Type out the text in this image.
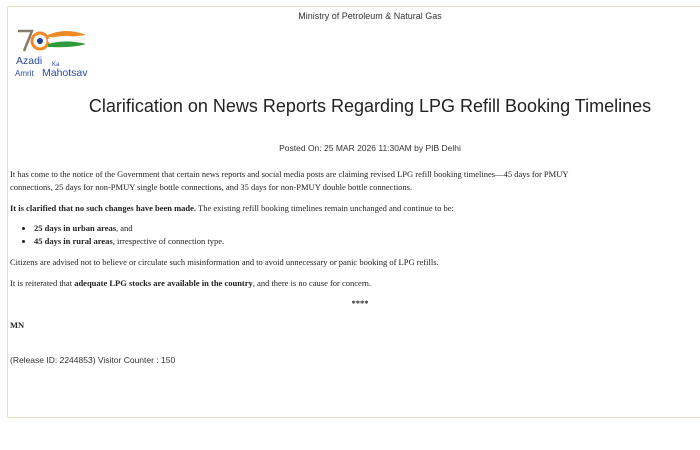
Ministry of Petroleum & Natural Gas
Azadi Ka
Amrit Mahotsav
Clarification on News Reports Regarding LPG Refill Booking Timelines
Posted On: 25 MAR 2026 11:30AM by PIB Delhi

It has come to the notice of the Government that certain news reports and social media posts are claiming revised LPG refill booking timelines—45 days for PMUY
connections, 25 days for non-PMUY single bottle connections, and 35 days for non-PMUY double bottle connections.

It is clarified that no such changes have been made. The existing refill booking timelines remain unchanged and continue to be:

• 25 days in urban areas, and
• 45 days in rural areas, irrespective of connection type.

Citizens are advised not to believe or circulate such misinformation and to avoid unnecessary or panic booking of LPG refills.

It is reiterated that adequate LPG stocks are available in the country, and there is no cause for concern.

****
MN
(Release ID: 2244853) Visitor Counter : 150
